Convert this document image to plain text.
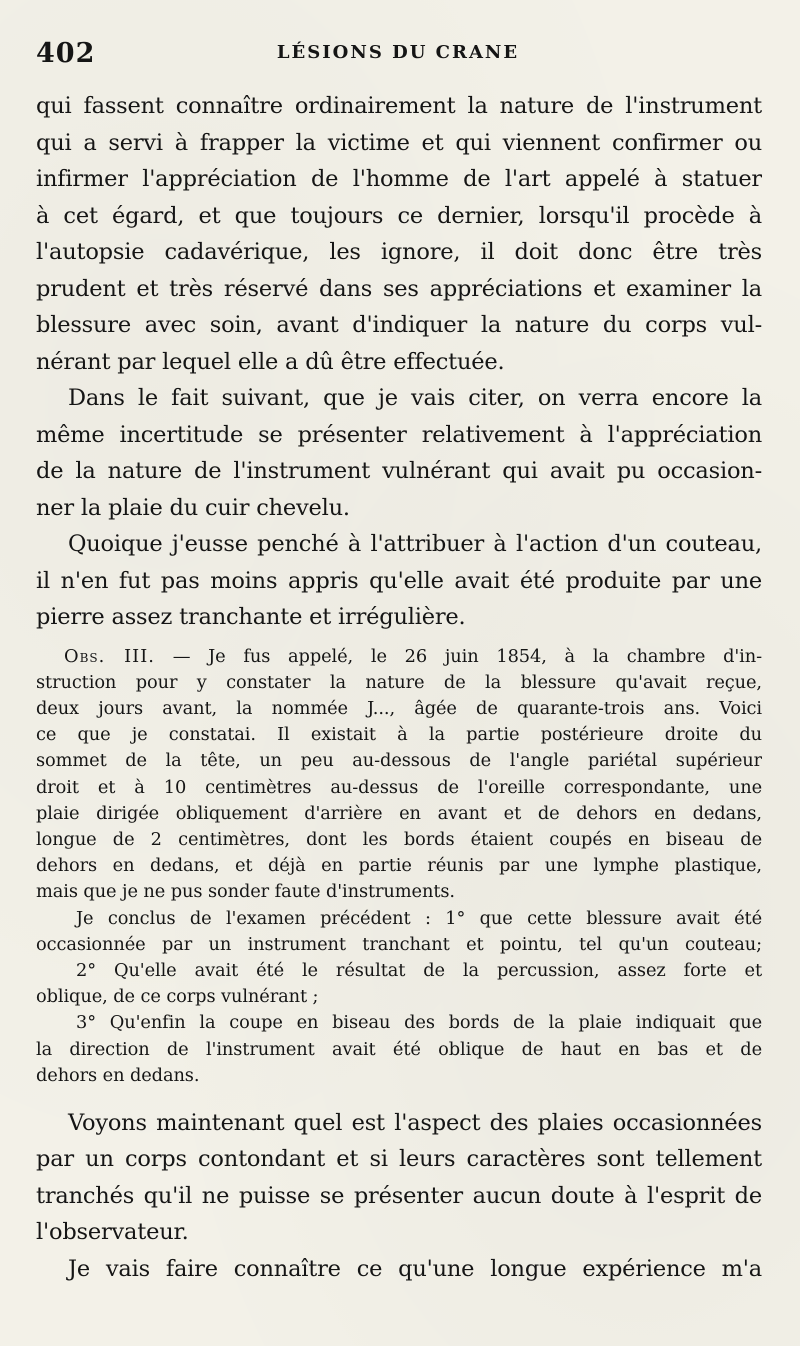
402	LÉSIONS DU CRANE
qui fassent connaître ordinairement la nature de l'instrument
qui a servi à frapper la victime et qui viennent confirmer ou
infirmer l'appréciation de l'homme de l'art appelé à statuer
à cet égard, et que toujours ce dernier, lorsqu'il procède à
l'autopsie cadavérique, les ignore, il doit donc être très
prudent et très réservé dans ses appréciations et examiner la
blessure avec soin, avant d'indiquer la nature du corps vul-
nérant par lequel elle a dû être effectuée.
Dans le fait suivant, que je vais citer, on verra encore la
même incertitude se présenter relativement à l'appréciation
de la nature de l'instrument vulnérant qui avait pu occasion-
ner la plaie du cuir chevelu.
Quoique j'eusse penché à l'attribuer à l'action d'un couteau,
il n'en fut pas moins appris qu'elle avait été produite par une
pierre assez tranchante et irrégulière.
Obs. III. — Je fus appelé, le 26 juin 1854, à la chambre d'in-
struction pour y constater la nature de la blessure qu'avait reçue,
deux jours avant, la nommée J..., âgée de quarante-trois ans. Voici
ce que je constatai. Il existait à la partie postérieure droite du
sommet de la tête, un peu au-dessous de l'angle pariétal supérieur
droit et à 10 centimètres au-dessus de l'oreille correspondante, une
plaie dirigée obliquement d'arrière en avant et de dehors en dedans,
longue de 2 centimètres, dont les bords étaient coupés en biseau de
dehors en dedans, et déjà en partie réunis par une lymphe plastique,
mais que je ne pus sonder faute d'instruments.
Je conclus de l'examen précédent : 1° que cette blessure avait été
occasionnée par un instrument tranchant et pointu, tel qu'un couteau;
2° Qu'elle avait été le résultat de la percussion, assez forte et
oblique, de ce corps vulnérant ;
3° Qu'enfin la coupe en biseau des bords de la plaie indiquait que
la direction de l'instrument avait été oblique de haut en bas et de
dehors en dedans.
Voyons maintenant quel est l'aspect des plaies occasionnées
par un corps contondant et si leurs caractères sont tellement
tranchés qu'il ne puisse se présenter aucun doute à l'esprit de
l'observateur.
Je vais faire connaître ce qu'une longue expérience m'a
